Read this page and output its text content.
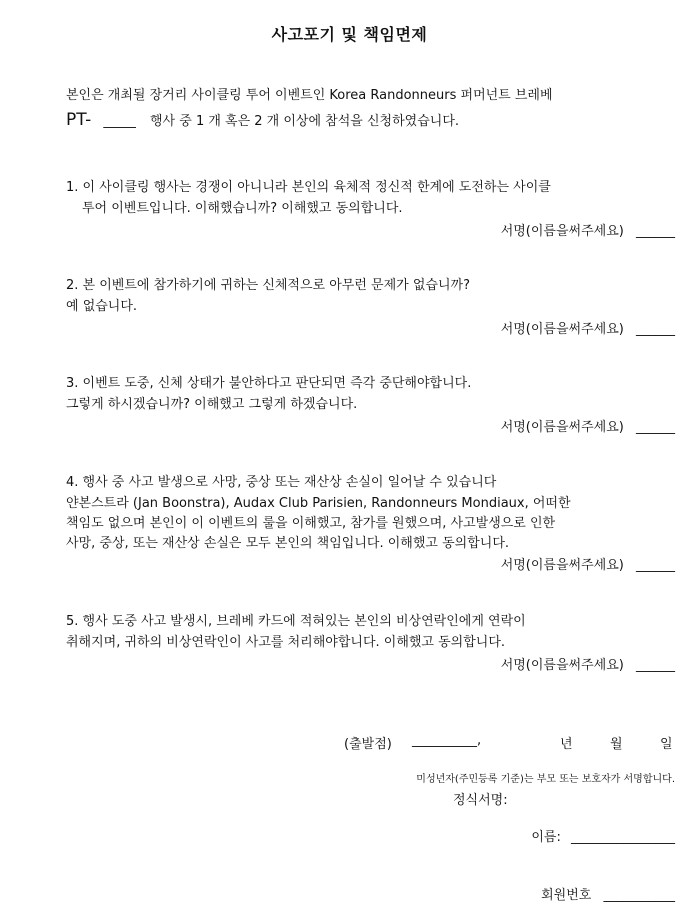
사고포기 및 책임면제
본인은 개최될 장거리 사이클링 투어 이벤트인 Korea Randonneurs 퍼머넌트 브레베
PT- _____ 행사 중 1 개 혹은 2 개 이상에 참석을 신청하였습니다.
1. 이 사이클링 행사는 경쟁이 아니니라 본인의 육체적 정신적 한계에 도전하는 사이클
투어 이벤트입니다. 이해했습니까? 이해했고 동의합니다.
서명(이름을써주세요) ______
2. 본 이벤트에 참가하기에 귀하는 신체적으로 아무런 문제가 없습니까?
예 없습니다.
서명(이름을써주세요) ______
3. 이벤트 도중, 신체 상태가 불안하다고 판단되면 즉각 중단해야합니다.
그렇게 하시겠습니까? 이해했고 그렇게 하겠습니다.
서명(이름을써주세요) ______
4. 행사 중 사고 발생으로 사망, 중상 또는 재산상 손실이 일어날 수 있습니다
얀본스트라 (Jan Boonstra), Audax Club Parisien, Randonneurs Mondiaux, 어떠한
책임도 없으며 본인이 이 이벤트의 룰을 이해했고, 참가를 원했으며, 사고발생으로 인한
사망, 중상, 또는 재산상 손실은 모두 본인의 책임입니다. 이해했고 동의합니다.
서명(이름을써주세요) ______
5. 행사 도중 사고 발생시, 브레베 카드에 적혀있는 본인의 비상연락인에게 연락이
취해지며, 귀하의 비상연락인이 사고를 처리해야합니다. 이해했고 동의합니다.
서명(이름을써주세요) ______
(출발점) __________,	년	월	일
미성년자(주민등록 기준)는 부모 또는 보호자가 서명합니다.
정식서명:
이름: ________________
회원번호 ___________
